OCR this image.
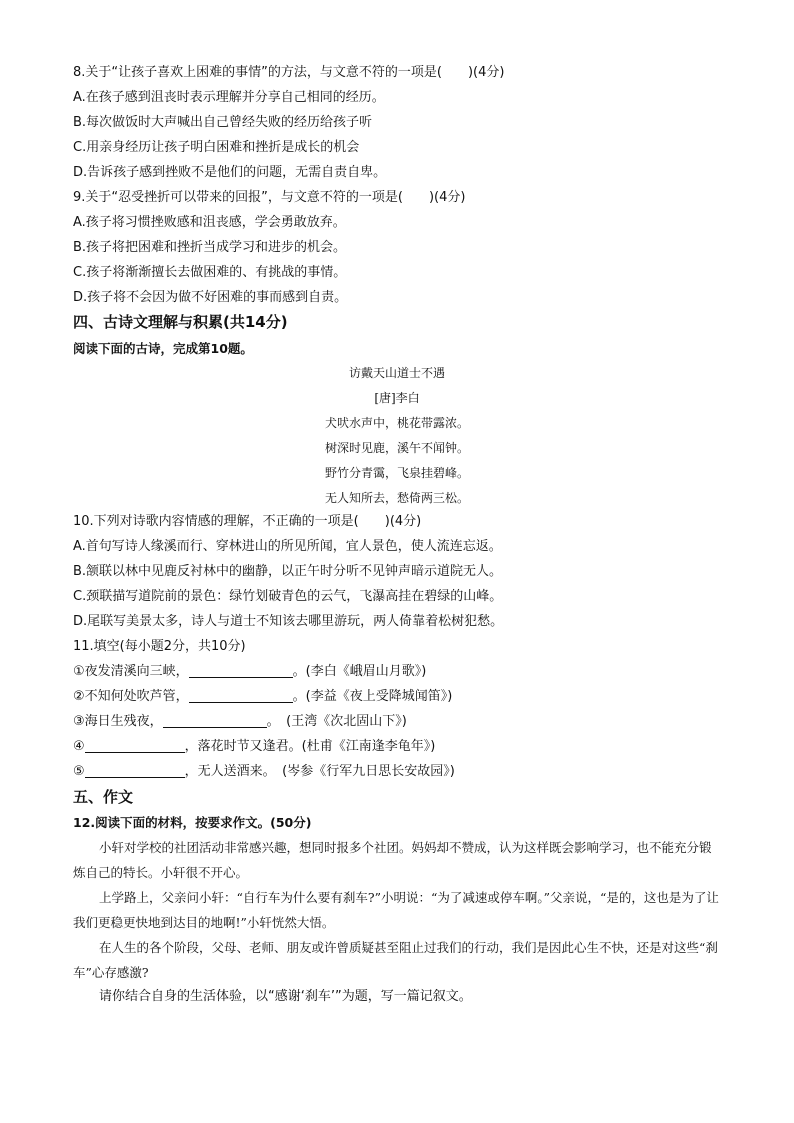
8.关于“让孩子喜欢上困难的事情”的方法，与文意不符的一项是(　　)(4分)
A.在孩子感到沮丧时表示理解并分享自己相同的经历。
B.每次做饭时大声喊出自己曾经失败的经历给孩子听
C.用亲身经历让孩子明白困难和挫折是成长的机会
D.告诉孩子感到挫败不是他们的问题，无需自责自卑。
9.关于“忍受挫折可以带来的回报”，与文意不符的一项是(　　)(4分)
A.孩子将习惯挫败感和沮丧感，学会勇敢放弃。
B.孩子将把困难和挫折当成学习和进步的机会。
C.孩子将渐渐擅长去做困难的、有挑战的事情。
D.孩子将不会因为做不好困难的事而感到自责。
四、古诗文理解与积累(共14分)
阅读下面的古诗，完成第10题。
访戴天山道士不遇
[唐]李白
犬吠水声中，桃花带露浓。
树深时见鹿，溪午不闻钟。
野竹分青霭，飞泉挂碧峰。
无人知所去，愁倚两三松。
10.下列对诗歌内容情感的理解，不正确的一项是(　　)(4分)
A.首句写诗人缘溪而行、穿林进山的所见所闻，宜人景色，使人流连忘返。
B.颔联以林中见鹿反衬林中的幽静，以正午时分听不见钟声暗示道院无人。
C.颈联描写道院前的景色：绿竹划破青色的云气，飞瀑高挂在碧绿的山峰。
D.尾联写美景太多，诗人与道士不知该去哪里游玩，两人倚靠着松树犯愁。
11.填空(每小题2分，共10分)
①夜发清溪向三峡，	。(李白《峨眉山月歌》)
②不知何处吹芦管，	。(李益《夜上受降城闻笛》)
③海日生残夜，	。　(王湾《次北固山下》)
④	，落花时节又逢君。(杜甫《江南逢李龟年》)
⑤	，无人送酒来。　(岑参《行军九日思长安故园》)
五、作文
12.阅读下面的材料，按要求作文。(50分)
小轩对学校的社团活动非常感兴趣，想同时报多个社团。妈妈却不赞成，认为这样既会影响学习，也不能充分锻炼自己的特长。小轩很不开心。
上学路上，父亲问小轩：“自行车为什么要有刹车?”小明说：“为了减速或停车啊。”父亲说，“是的，这也是为了让我们更稳更快地到达目的地啊!”小轩恍然大悟。
在人生的各个阶段，父母、老师、朋友或许曾质疑甚至阻止过我们的行动，我们是因此心生不快，还是对这些“刹车”心存感激?
请你结合自身的生活体验，以“感谢‘刹车’”为题，写一篇记叙文。
